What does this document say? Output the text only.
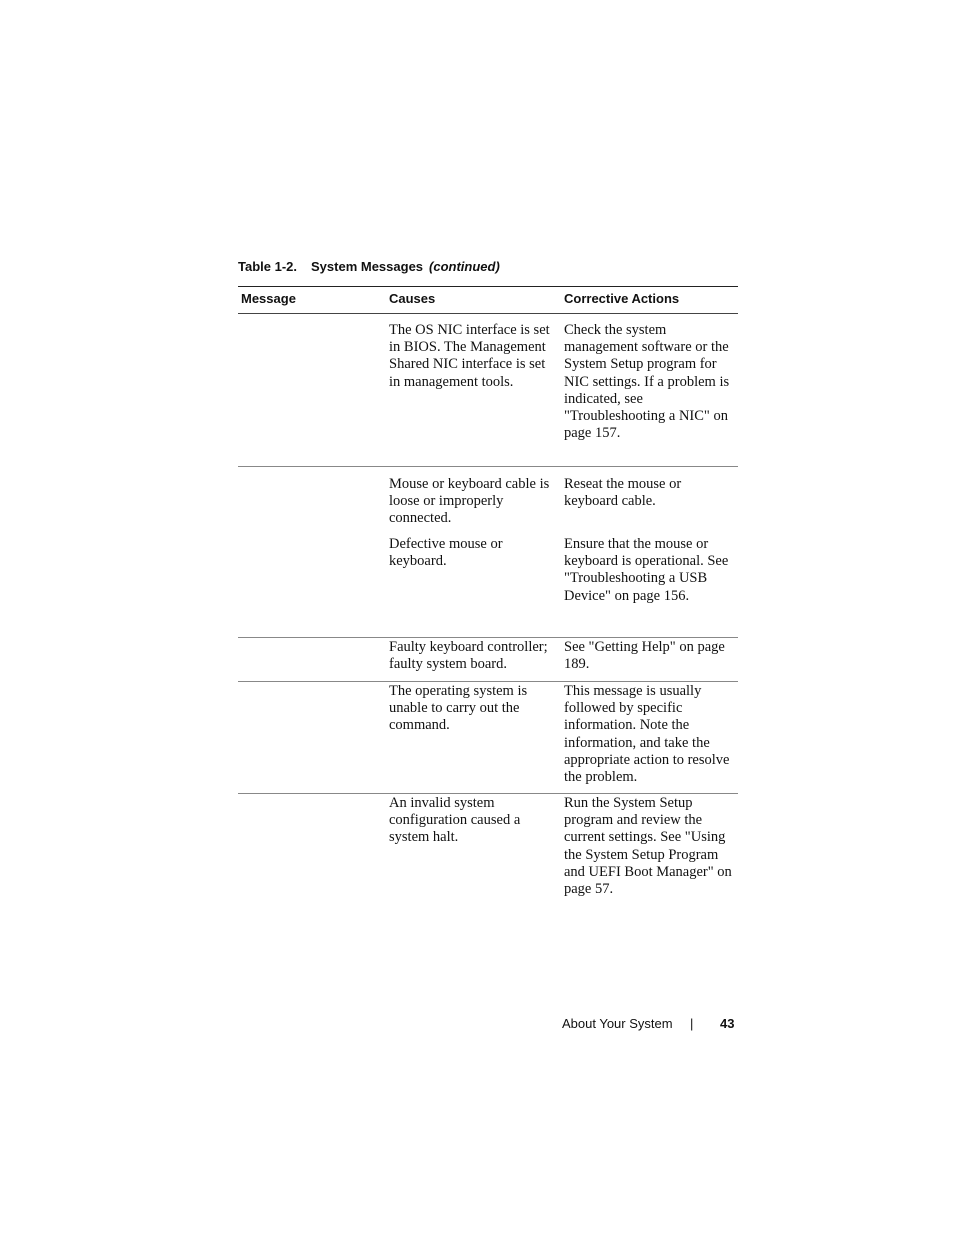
Table 1-2. System Messages (continued)
Message	Causes	Corrective Actions
The OS NIC interface is set in BIOS. The Management Shared NIC interface is set in management tools.
Check the system management software or the System Setup program for NIC settings. If a problem is indicated, see "Troubleshooting a NIC" on page 157.
Mouse or keyboard cable is loose or improperly connected.
Reseat the mouse or keyboard cable.
Defective mouse or keyboard.
Ensure that the mouse or keyboard is operational. See "Troubleshooting a USB Device" on page 156.
Faulty keyboard controller; faulty system board.
See "Getting Help" on page 189.
The operating system is unable to carry out the command.
This message is usually followed by specific information. Note the information, and take the appropriate action to resolve the problem.
An invalid system configuration caused a system halt.
Run the System Setup program and review the current settings. See "Using the System Setup Program and UEFI Boot Manager" on page 57.
About Your System | 43
